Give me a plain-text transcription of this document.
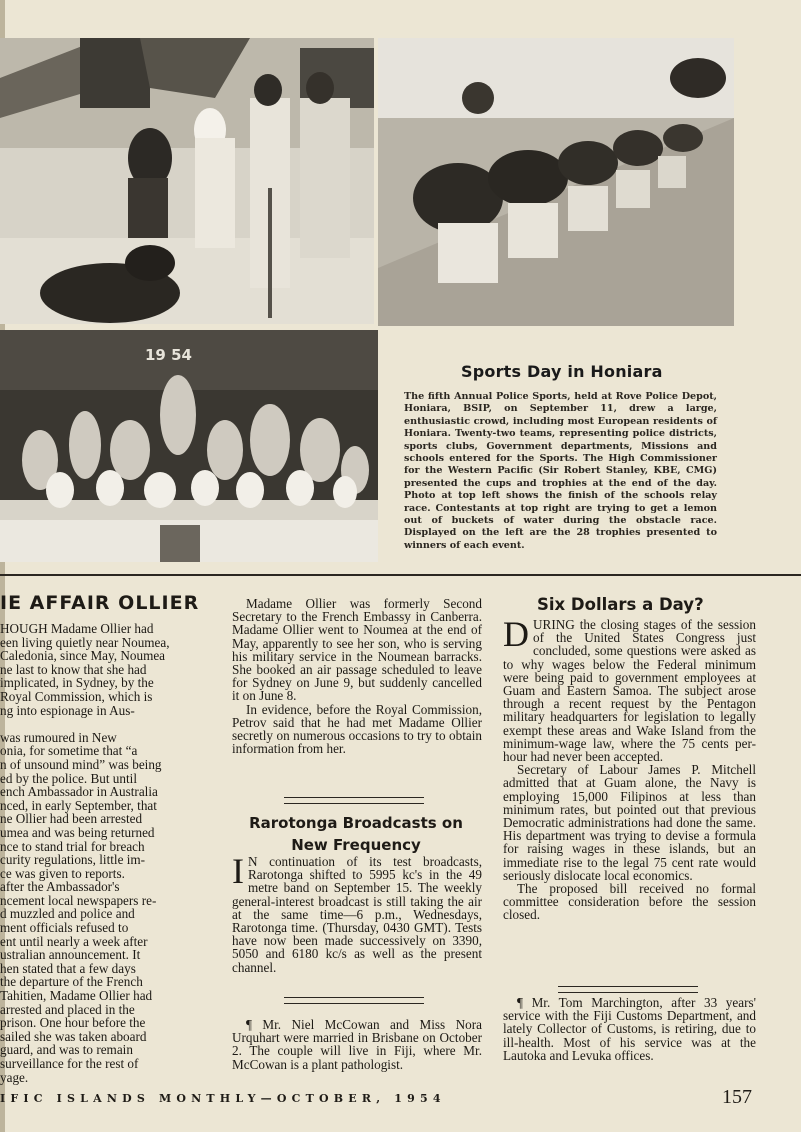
19 54
Sports Day in Honiara
The fifth Annual Police Sports, held at Rove Police Depot, Honiara, BSIP, on September 11, drew a large, enthusiastic crowd, including most European residents of Honiara. Twenty-two teams, representing police districts, sports clubs, Government departments, Missions and schools entered for the Sports. The High Commissioner for the Western Pacific (Sir Robert Stanley, KBE, CMG) presented the cups and trophies at the end of the day. Photo at top left shows the finish of the schools relay race. Contestants at top right are trying to get a lemon out of buckets of water during the obstacle race. Displayed on the left are the 28 trophies presented to winners of each event.
IE AFFAIR OLLIER
HOUGH Madame Ollier had
een living quietly near Noumea,
Caledonia, since May, Noumea
ne last to know that she had
implicated, in Sydney, by the
Royal Commission, which is
ng into espionage in Aus-
was rumoured in New
onia, for sometime that “a
n of unsound mind” was being
ed by the police. But until
ench Ambassador in Australia
nced, in early September, that
ne Ollier had been arrested
umea and was being returned
nce to stand trial for breach
curity regulations, little im-
ce was given to reports.
after the Ambassador's
ncement local newspapers re-
d muzzled and police and
ment officials refused to
ent until nearly a week after
ustralian announcement. It
hen stated that a few days
the departure of the French
Tahitien, Madame Ollier had
arrested and placed in the
prison. One hour before the
sailed she was taken aboard
guard, and was to remain
surveillance for the rest of
yage.

Madame Ollier was formerly Second Secretary to the French Embassy in Canberra. Madame Ollier went to Noumea at the end of May, apparently to see her son, who is serving his military service in the Noumean barracks. She booked an air passage scheduled to leave for Sydney on June 9, but suddenly cancelled it on June 8.

In evidence, before the Royal Commission, Petrov said that he had met Madame Ollier secretly on numerous occasions to try to obtain information from her.

Rarotonga Broadcasts on New Frequency
I N continuation of its test broadcasts, Rarotonga shifted to 5995 kc's in the 49 metre band on September 15. The weekly general-interest broadcast is still taking the air at the same time—6 p.m., Wednesdays, Rarotonga time. (Thursday, 0430 GMT). Tests have now been made successively on 3390, 5050 and 6180 kc/s as well as the present channel.

¶ Mr. Niel McCowan and Miss Nora Urquhart were married in Brisbane on October 2. The couple will live in Fiji, where Mr. McCowan is a plant pathologist.

Six Dollars a Day?

DURING the closing stages of the session of the United States Congress just concluded, some questions were asked as to why wages below the Federal minimum were being paid to government employees at Guam and Eastern Samoa. The subject arose through a recent request by the Pentagon military headquarters for legislation to legally exempt these areas and Wake Island from the minimum-wage law, where the 75 cents per-hour had never been accepted.

Secretary of Labour James P. Mitchell admitted that at Guam alone, the Navy is employing 15,000 Filipinos at less than minimum rates, but pointed out that previous Democratic administrations had done the same. His department was trying to devise a formula for raising wages in these islands, but an immediate rise to the legal 75 cent rate would seriously dislocate local economics.

The proposed bill received no formal committee consideration before the session closed.

¶ Mr. Tom Marchington, after 33 years' service with the Fiji Customs Department, and lately Collector of Customs, is retiring, due to ill-health. Most of his service was at the Lautoka and Levuka offices.

IFIC ISLANDS MONTHLY—OCTOBER, 1954	157
